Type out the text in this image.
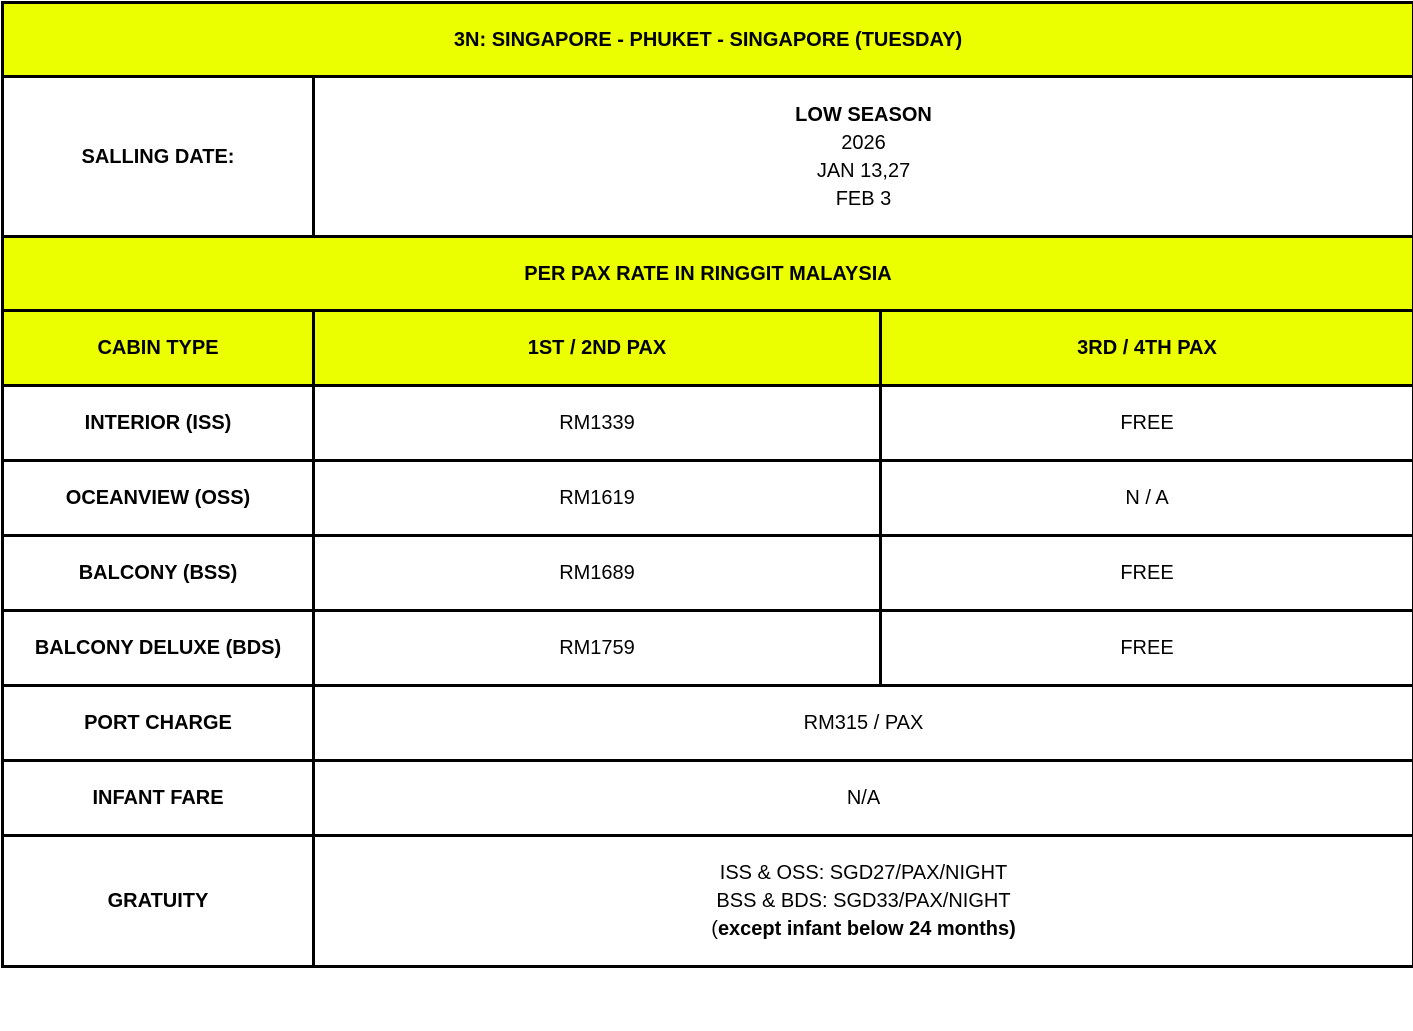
3N: SINGAPORE - PHUKET - SINGAPORE (TUESDAY)		
SALLING DATE:	LOW SEASON
2026
JAN 13,27
FEB 3	

PER PAX RATE IN RINGGIT MALAYSIA		
CABIN TYPE	1ST / 2ND PAX	3RD / 4TH PAX
INTERIOR (ISS)	RM1339	FREE
OCEANVIEW (OSS)	RM1619	N / A
BALCONY (BSS)	RM1689	FREE
BALCONY DELUXE (BDS)	RM1759	FREE
PORT CHARGE	RM315 / PAX	
INFANT FARE	N/A	
GRATUITY	ISS & OSS: SGD27/PAX/NIGHT
BSS & BDS: SGD33/PAX/NIGHT
(except infant below 24 months)	
